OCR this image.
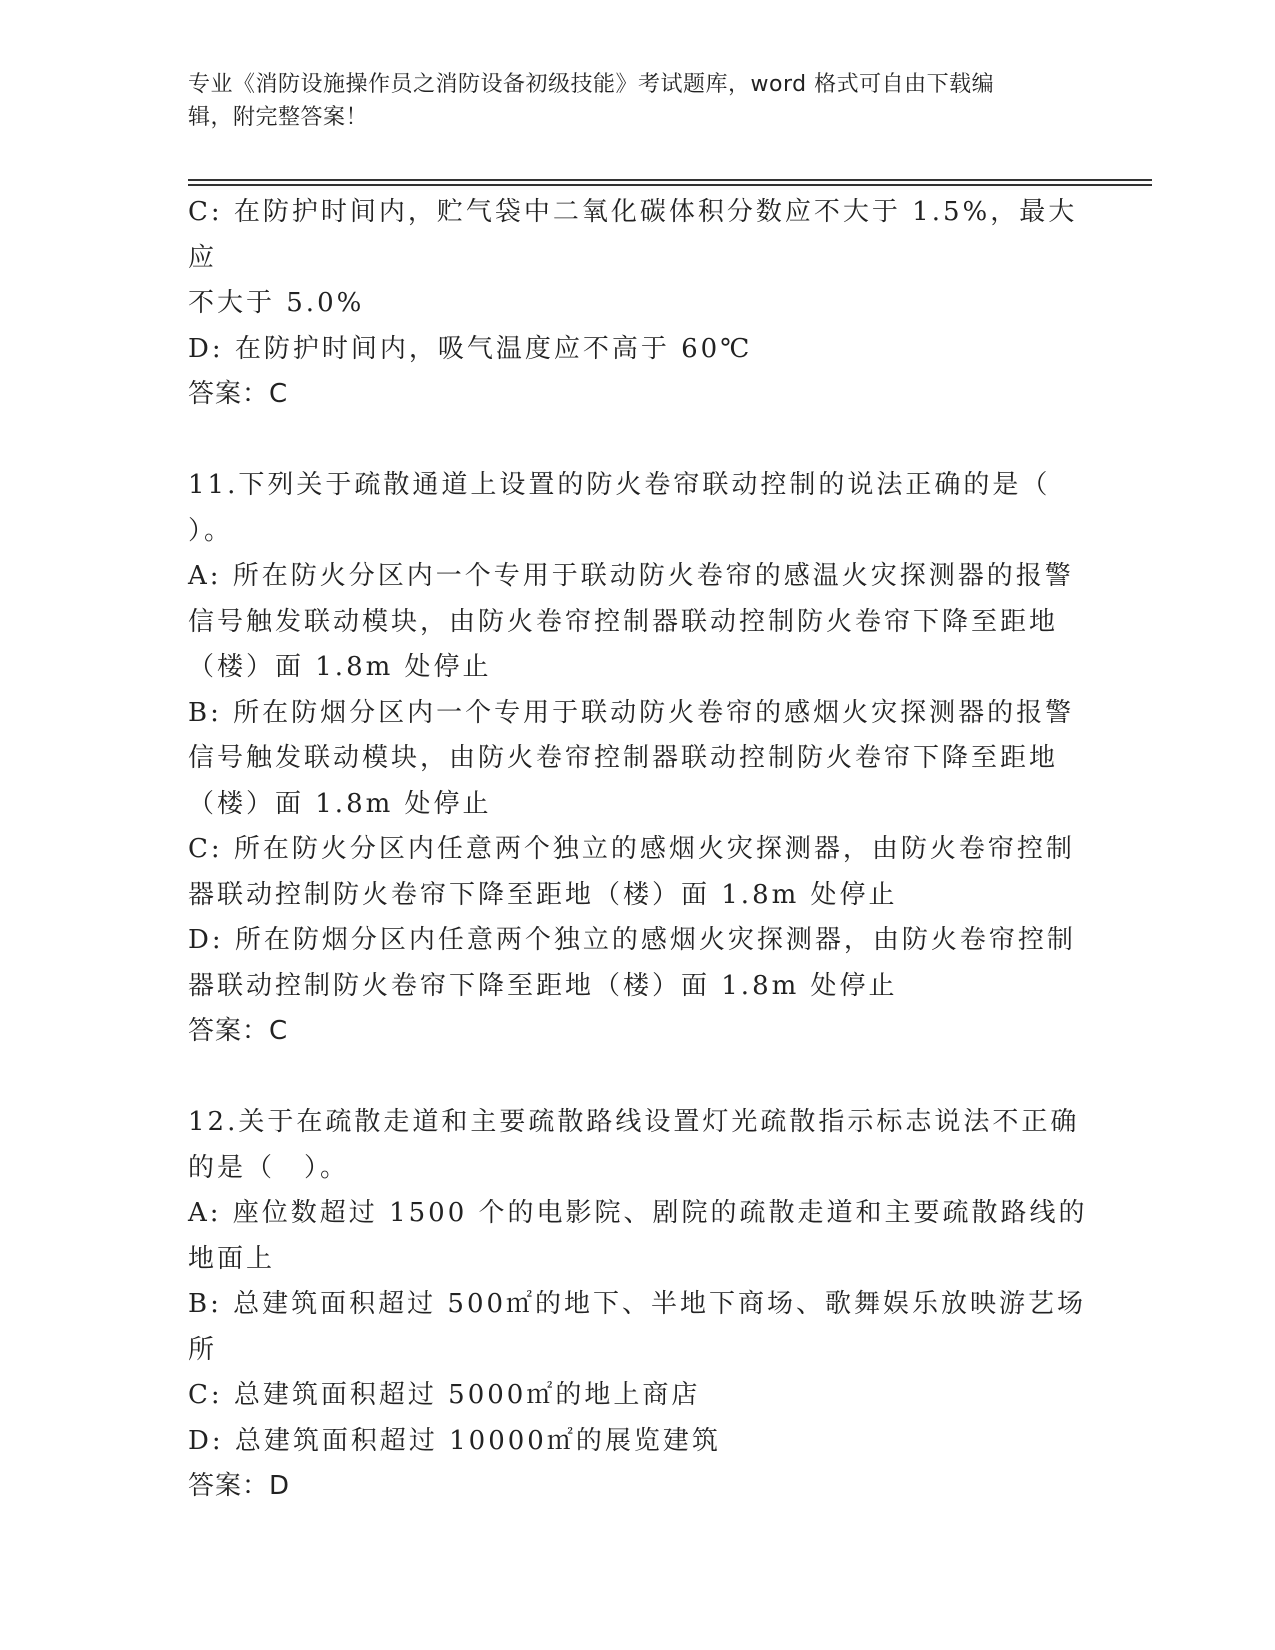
专业《消防设施操作员之消防设备初级技能》考试题库，word 格式可自由下载编
辑，附完整答案！
C: 在防护时间内，贮气袋中二氧化碳体积分数应不大于 1.5%，最大应
不大于 5.0%
D: 在防护时间内，吸气温度应不高于 60℃
答案：C
11.下列关于疏散通道上设置的防火卷帘联动控制的说法正确的是（
）。
A: 所在防火分区内一个专用于联动防火卷帘的感温火灾探测器的报警
信号触发联动模块，由防火卷帘控制器联动控制防火卷帘下降至距地
（楼）面 1.8m 处停止
B: 所在防烟分区内一个专用于联动防火卷帘的感烟火灾探测器的报警
信号触发联动模块，由防火卷帘控制器联动控制防火卷帘下降至距地
（楼）面 1.8m 处停止
C: 所在防火分区内任意两个独立的感烟火灾探测器，由防火卷帘控制
器联动控制防火卷帘下降至距地（楼）面 1.8m 处停止
D: 所在防烟分区内任意两个独立的感烟火灾探测器，由防火卷帘控制
器联动控制防火卷帘下降至距地（楼）面 1.8m 处停止
答案：C
12.关于在疏散走道和主要疏散路线设置灯光疏散指示标志说法不正确
的是（　）。
A: 座位数超过 1500 个的电影院、剧院的疏散走道和主要疏散路线的
地面上
B: 总建筑面积超过 500㎡的地下、半地下商场、歌舞娱乐放映游艺场
所
C: 总建筑面积超过 5000㎡的地上商店
D: 总建筑面积超过 10000㎡的展览建筑
答案：D
